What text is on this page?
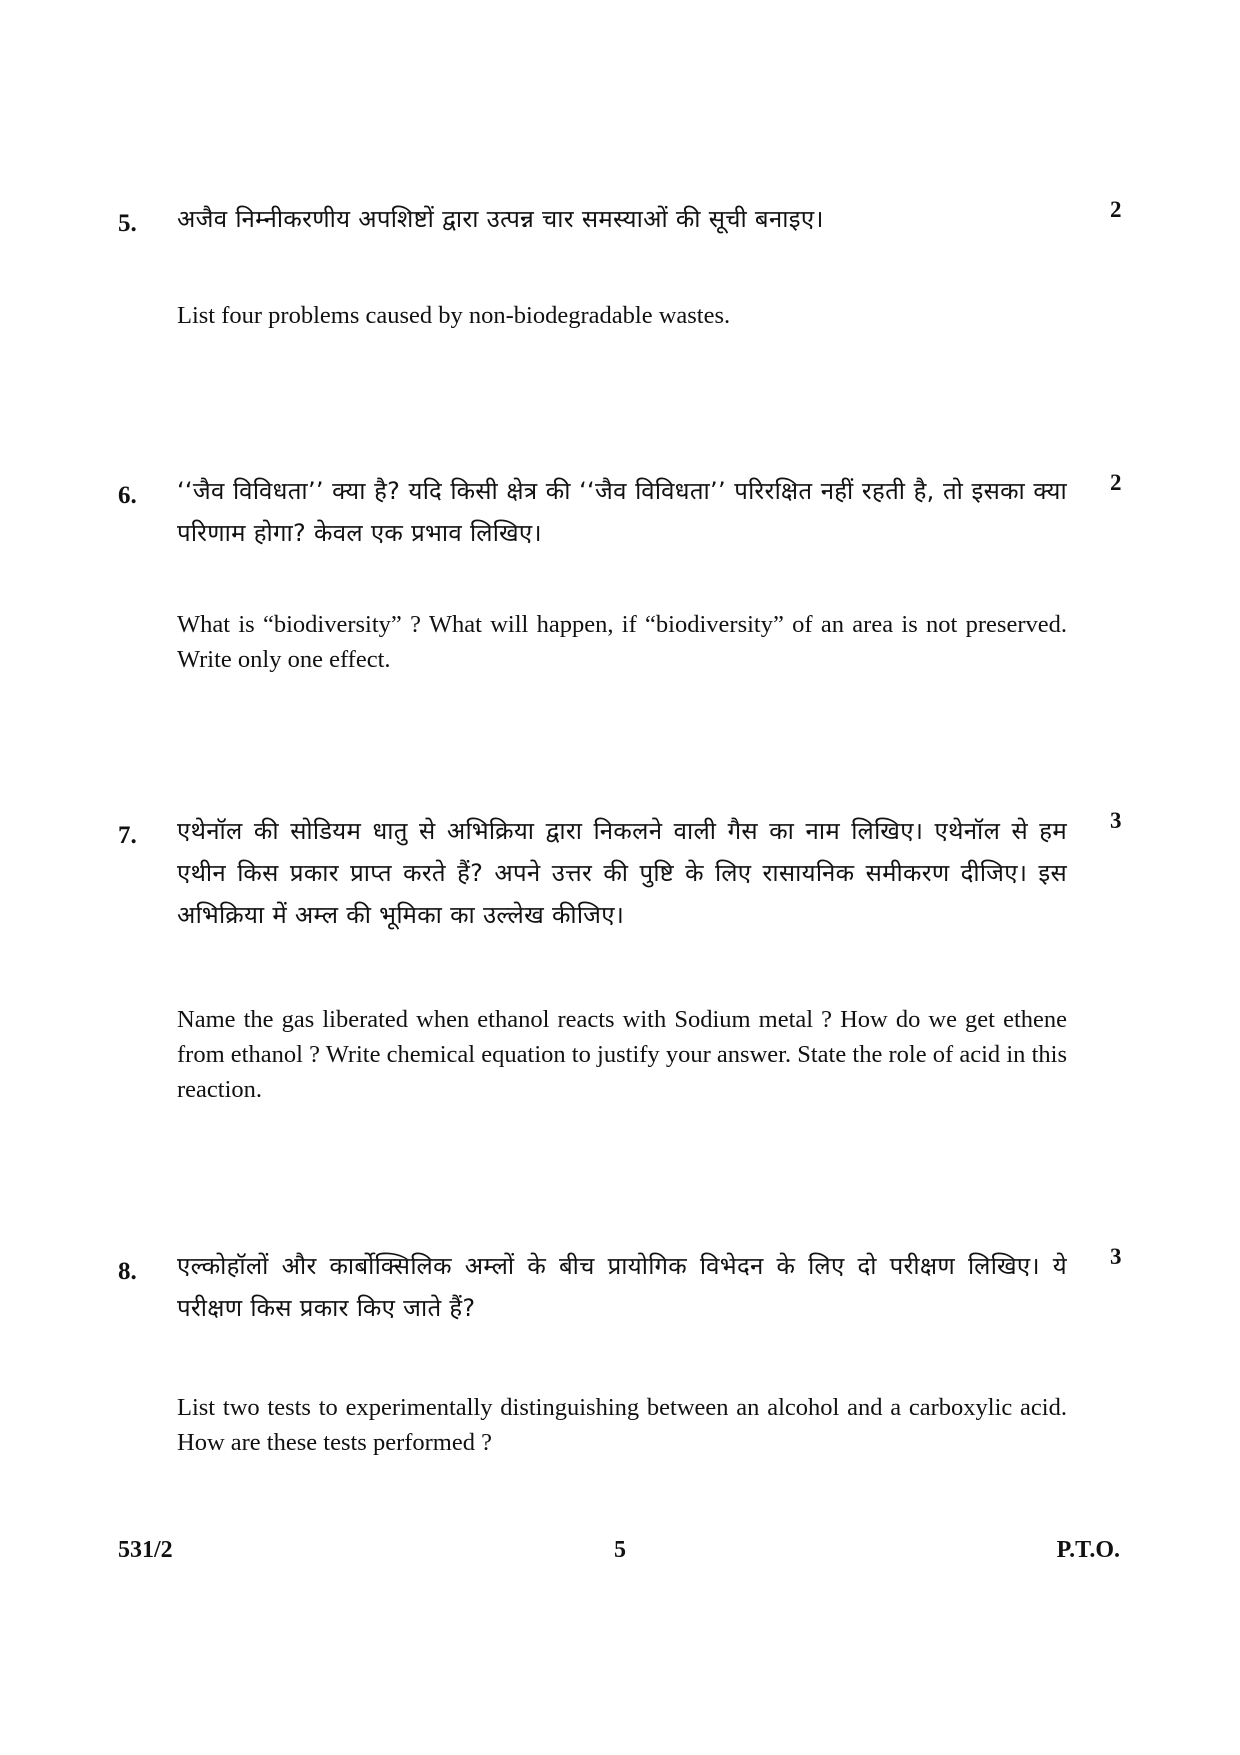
5.
2
अजैव निम्नीकरणीय अपशिष्टों द्वारा उत्पन्न चार समस्याओं की सूची बनाइए।
List four problems caused by non-biodegradable wastes.
6.	2
‘‘जैव विविधता’’ क्या है? यदि किसी क्षेत्र की ‘‘जैव विविधता’’ परिरक्षित नहीं रहती है, तो इसका क्या परिणाम होगा? केवल एक प्रभाव लिखिए।
What is “biodiversity” ? What will happen, if “biodiversity” of an area is not preserved. Write only one effect.
7.
3
एथेनॉल की सोडियम धातु से अभिक्रिया द्वारा निकलने वाली गैस का नाम लिखिए। एथेनॉल से हम एथीन किस प्रकार प्राप्त करते हैं? अपने उत्तर की पुष्टि के लिए रासायनिक समीकरण दीजिए। इस अभिक्रिया में अम्ल की भूमिका का उल्लेख कीजिए।
Name the gas liberated when ethanol reacts with Sodium metal ? How do we get ethene from ethanol ? Write chemical equation to justify your answer. State the role of acid in this reaction.
8.
3
एल्कोहॉलों और कार्बोक्सिलिक अम्लों के बीच प्रायोगिक विभेदन के लिए दो परीक्षण लिखिए। ये परीक्षण किस प्रकार किए जाते हैं?
List two tests to experimentally distinguishing between an alcohol and a carboxylic acid. How are these tests performed ?
531/2	5	P.T.O.
